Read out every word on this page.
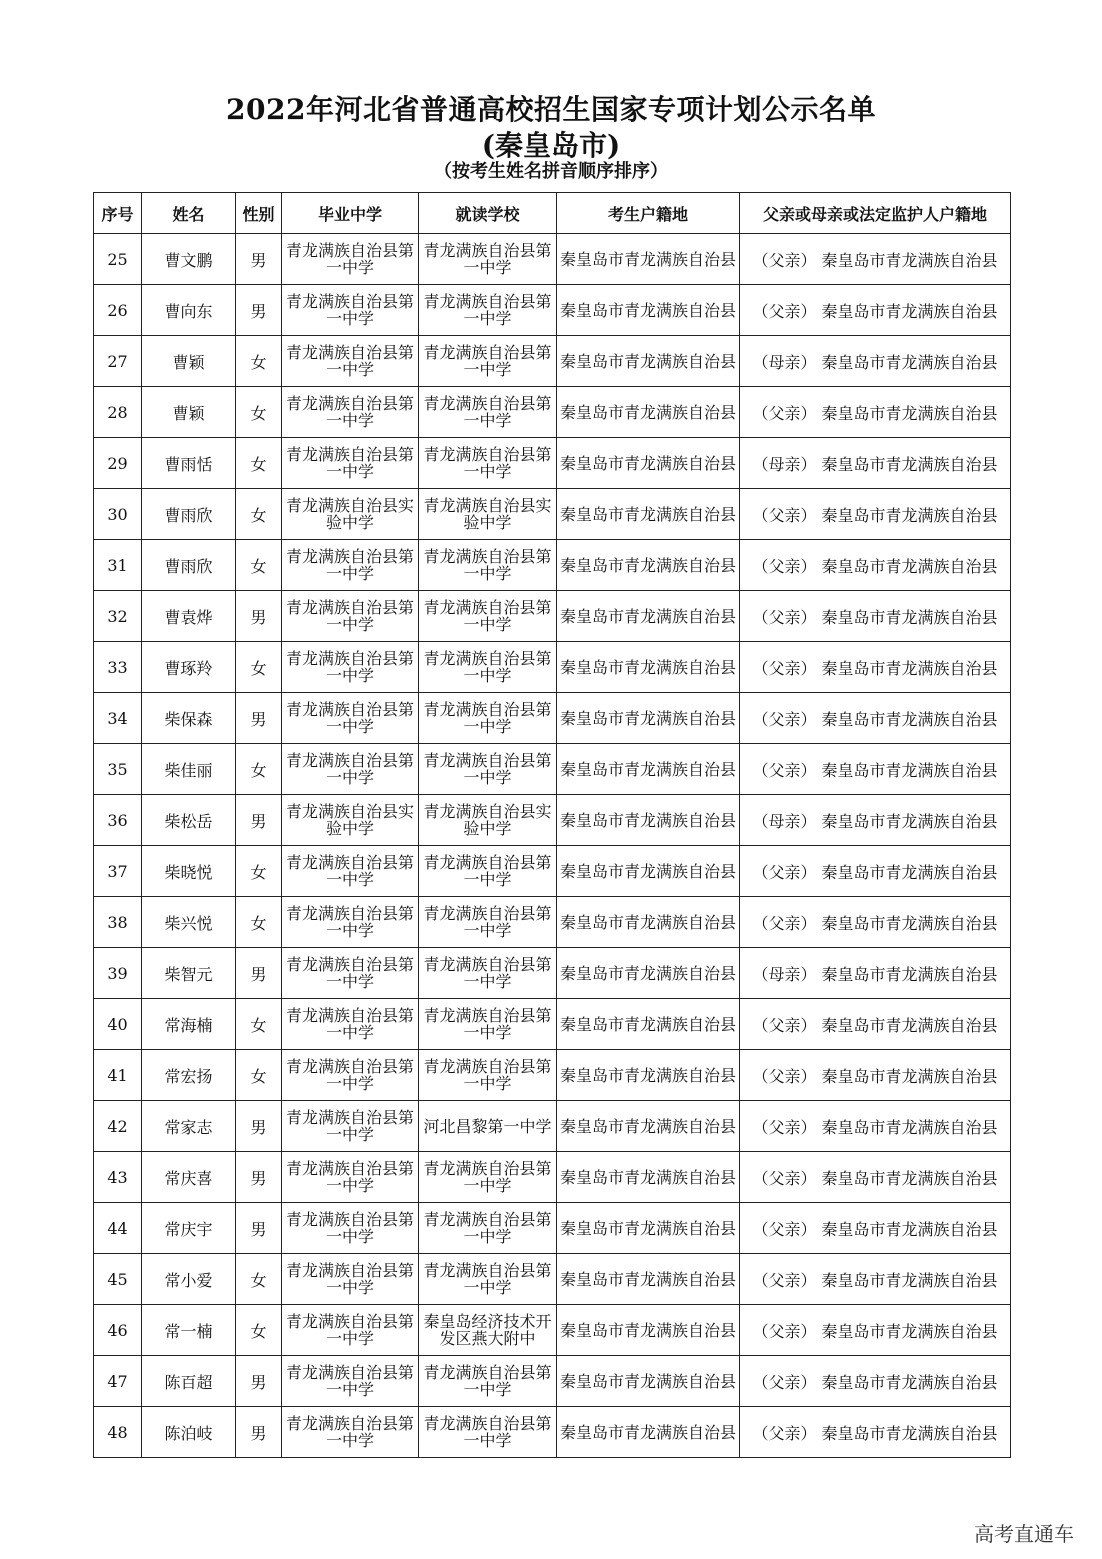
2022年河北省普通高校招生国家专项计划公示名单
(秦皇岛市)
（按考生姓名拼音顺序排序）
序号	姓名	性别	毕业中学	就读学校	考生户籍地	父亲或母亲或法定监护人户籍地
25	曹文鹏	男	青龙满族自治县第一中学	青龙满族自治县第一中学	秦皇岛市青龙满族自治县	（父亲） 秦皇岛市青龙满族自治县
26	曹向东	男	青龙满族自治县第一中学	青龙满族自治县第一中学	秦皇岛市青龙满族自治县	（父亲） 秦皇岛市青龙满族自治县
27	曹颖	女	青龙满族自治县第一中学	青龙满族自治县第一中学	秦皇岛市青龙满族自治县	（母亲） 秦皇岛市青龙满族自治县
28	曹颖	女	青龙满族自治县第一中学	青龙满族自治县第一中学	秦皇岛市青龙满族自治县	（父亲） 秦皇岛市青龙满族自治县
29	曹雨恬	女	青龙满族自治县第一中学	青龙满族自治县第一中学	秦皇岛市青龙满族自治县	（母亲） 秦皇岛市青龙满族自治县
30	曹雨欣	女	青龙满族自治县实验中学	青龙满族自治县实验中学	秦皇岛市青龙满族自治县	（父亲） 秦皇岛市青龙满族自治县
31	曹雨欣	女	青龙满族自治县第一中学	青龙满族自治县第一中学	秦皇岛市青龙满族自治县	（父亲） 秦皇岛市青龙满族自治县
32	曹袁烨	男	青龙满族自治县第一中学	青龙满族自治县第一中学	秦皇岛市青龙满族自治县	（父亲） 秦皇岛市青龙满族自治县
33	曹琢羚	女	青龙满族自治县第一中学	青龙满族自治县第一中学	秦皇岛市青龙满族自治县	（父亲） 秦皇岛市青龙满族自治县
34	柴保森	男	青龙满族自治县第一中学	青龙满族自治县第一中学	秦皇岛市青龙满族自治县	（父亲） 秦皇岛市青龙满族自治县
35	柴佳丽	女	青龙满族自治县第一中学	青龙满族自治县第一中学	秦皇岛市青龙满族自治县	（父亲） 秦皇岛市青龙满族自治县
36	柴松岳	男	青龙满族自治县实验中学	青龙满族自治县实验中学	秦皇岛市青龙满族自治县	（母亲） 秦皇岛市青龙满族自治县
37	柴晓悦	女	青龙满族自治县第一中学	青龙满族自治县第一中学	秦皇岛市青龙满族自治县	（父亲） 秦皇岛市青龙满族自治县
38	柴兴悦	女	青龙满族自治县第一中学	青龙满族自治县第一中学	秦皇岛市青龙满族自治县	（父亲） 秦皇岛市青龙满族自治县
39	柴智元	男	青龙满族自治县第一中学	青龙满族自治县第一中学	秦皇岛市青龙满族自治县	（母亲） 秦皇岛市青龙满族自治县
40	常海楠	女	青龙满族自治县第一中学	青龙满族自治县第一中学	秦皇岛市青龙满族自治县	（父亲） 秦皇岛市青龙满族自治县
41	常宏扬	女	青龙满族自治县第一中学	青龙满族自治县第一中学	秦皇岛市青龙满族自治县	（父亲） 秦皇岛市青龙满族自治县
42	常家志	男	青龙满族自治县第一中学	河北昌黎第一中学	秦皇岛市青龙满族自治县	（父亲） 秦皇岛市青龙满族自治县
43	常庆喜	男	青龙满族自治县第一中学	青龙满族自治县第一中学	秦皇岛市青龙满族自治县	（父亲） 秦皇岛市青龙满族自治县
44	常庆宇	男	青龙满族自治县第一中学	青龙满族自治县第一中学	秦皇岛市青龙满族自治县	（父亲） 秦皇岛市青龙满族自治县
45	常小爱	女	青龙满族自治县第一中学	青龙满族自治县第一中学	秦皇岛市青龙满族自治县	（父亲） 秦皇岛市青龙满族自治县
46	常一楠	女	青龙满族自治县第一中学	秦皇岛经济技术开发区燕大附中	秦皇岛市青龙满族自治县	（父亲） 秦皇岛市青龙满族自治县
47	陈百超	男	青龙满族自治县第一中学	青龙满族自治县第一中学	秦皇岛市青龙满族自治县	（父亲） 秦皇岛市青龙满族自治县
48	陈泊岐	男	青龙满族自治县第一中学	青龙满族自治县第一中学	秦皇岛市青龙满族自治县	（父亲） 秦皇岛市青龙满族自治县
高考直通车
